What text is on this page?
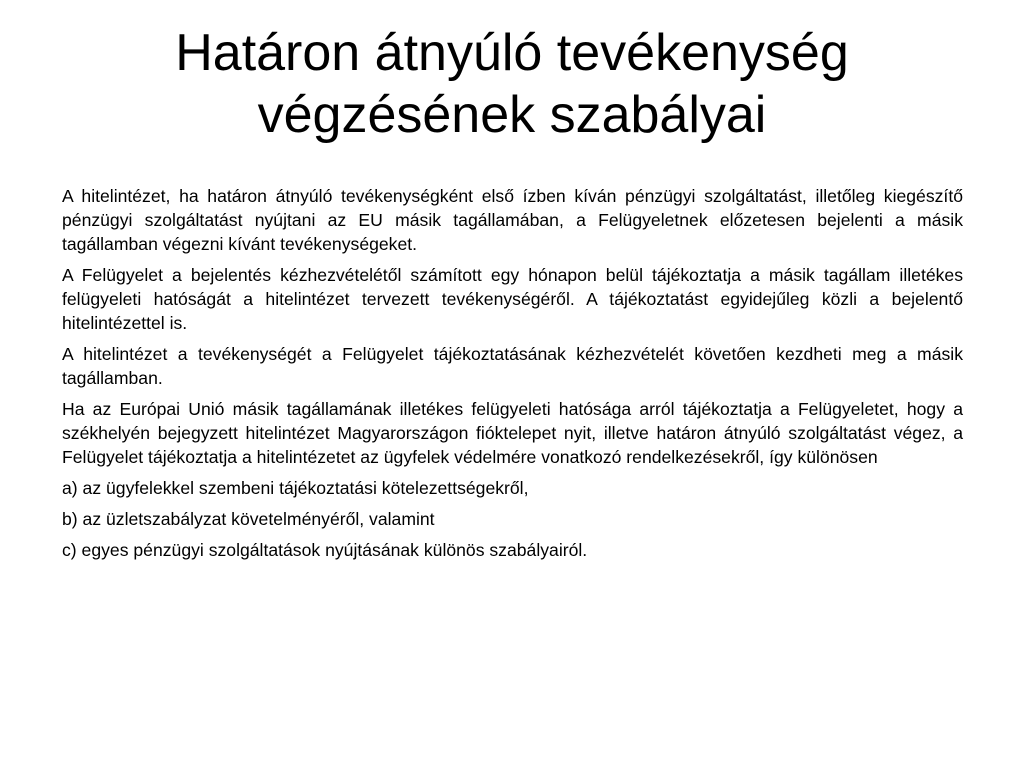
Határon átnyúló tevékenység végzésének szabályai

A hitelintézet, ha határon átnyúló tevékenységként első ízben kíván pénzügyi szolgáltatást, illetőleg kiegészítő pénzügyi szolgáltatást nyújtani az EU másik tagállamában, a Felügyeletnek előzetesen bejelenti a másik tagállamban végezni kívánt tevékenységeket.

A Felügyelet a bejelentés kézhezvételétől számított egy hónapon belül tájékoztatja a másik tagállam illetékes felügyeleti hatóságát a hitelintézet tervezett tevékenységéről. A tájékoztatást egyidejűleg közli a bejelentő hitelintézettel is.

A hitelintézet a tevékenységét a Felügyelet tájékoztatásának kézhezvételét követően kezdheti meg a másik tagállamban.

Ha az Európai Unió másik tagállamának illetékes felügyeleti hatósága arról tájékoztatja a Felügyeletet, hogy a székhelyén bejegyzett hitelintézet Magyarországon fióktelepet nyit, illetve határon átnyúló szolgáltatást végez, a Felügyelet tájékoztatja a hitelintézetet az ügyfelek védelmére vonatkozó rendelkezésekről, így különösen

a) az ügyfelekkel szembeni tájékoztatási kötelezettségekről,

b) az üzletszabályzat követelményéről, valamint

c) egyes pénzügyi szolgáltatások nyújtásának különös szabályairól.
